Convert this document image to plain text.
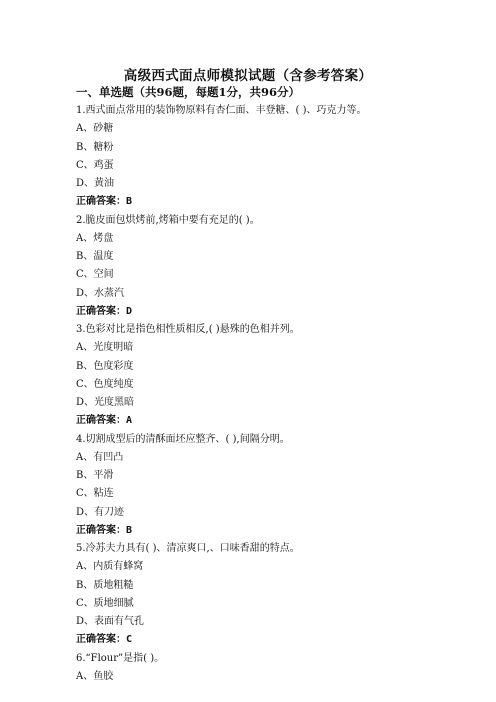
高级西式面点师模拟试题（含参考答案）
一、单选题（共96题，每题1分，共96分）
1.西式面点常用的装饰物原料有杏仁面、丰登糖、( )、巧克力等。
A、砂糖
B、糖粉
C、鸡蛋
D、黄油
正确答案：B
2.脆皮面包烘烤前,烤箱中要有充足的( )。
A、烤盘
B、温度
C、空间
D、水蒸汽
正确答案：D
3.色彩对比是指色相性质相反,( )悬殊的色相并列。
A、光度明暗
B、色度彩度
C、色度纯度
D、光度黑暗
正确答案：A
4.切割成型后的清酥面坯应整齐、( ),间隔分明。
A、有凹凸
B、平滑
C、粘连
D、有刀迹
正确答案：B
5.冷苏夫力具有( )、清凉爽口,、口味香甜的特点。
A、内质有蜂窝
B、质地粗糙
C、质地细腻
D、表面有气孔
正确答案：C
6.“Flour”是指( )。
A、鱼胶
